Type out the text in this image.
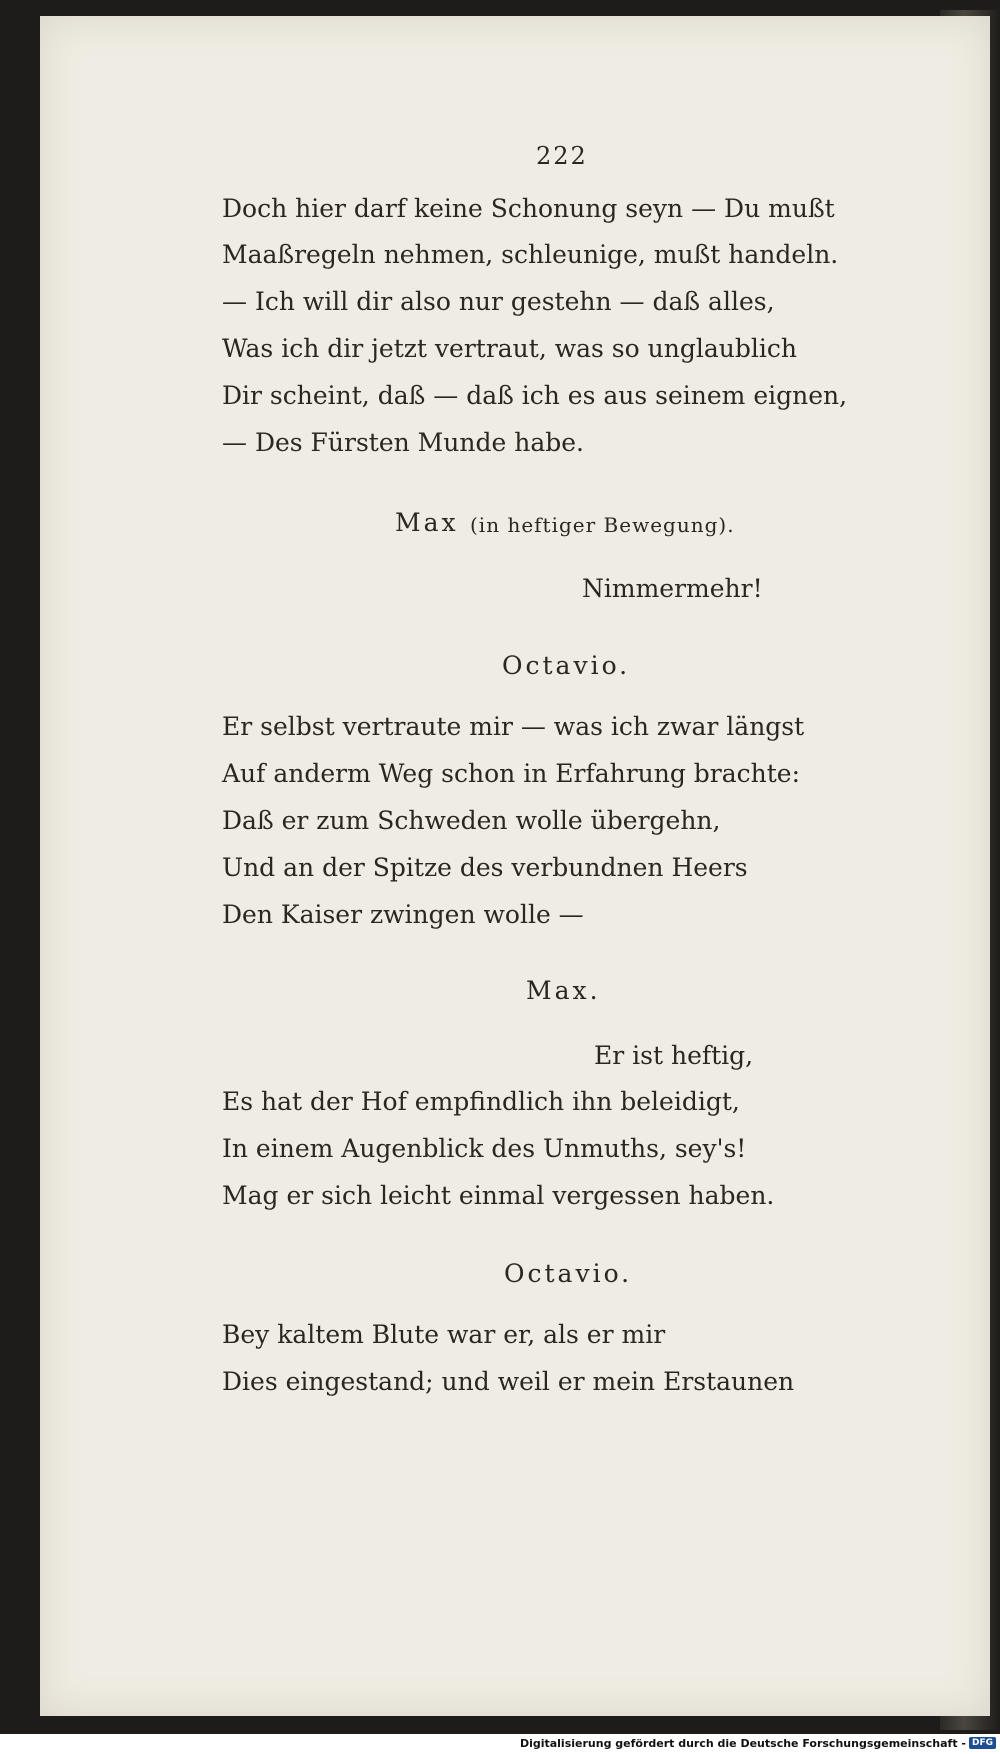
222
Doch hier darf keine Schonung seyn — Du mußt
Maaßregeln nehmen, schleunige, mußt handeln.
— Ich will dir also nur gestehn — daß alles,
Was ich dir jetzt vertraut, was so unglaublich
Dir scheint, daß — daß ich es aus seinem eignen,
— Des Fürsten Munde habe.
Max (in heftiger Bewegung).
Nimmermehr!
Octavio.
Er selbst vertraute mir — was ich zwar längst
Auf anderm Weg schon in Erfahrung brachte:
Daß er zum Schweden wolle übergehn,
Und an der Spitze des verbundnen Heers
Den Kaiser zwingen wolle —
Max.
Er ist heftig,
Es hat der Hof empfindlich ihn beleidigt,
In einem Augenblick des Unmuths, sey's!
Mag er sich leicht einmal vergessen haben.
Octavio.
Bey kaltem Blute war er, als er mir
Dies eingestand; und weil er mein Erstaunen
Digitalisierung gefördert durch die Deutsche Forschungsgemeinschaft - DFG
